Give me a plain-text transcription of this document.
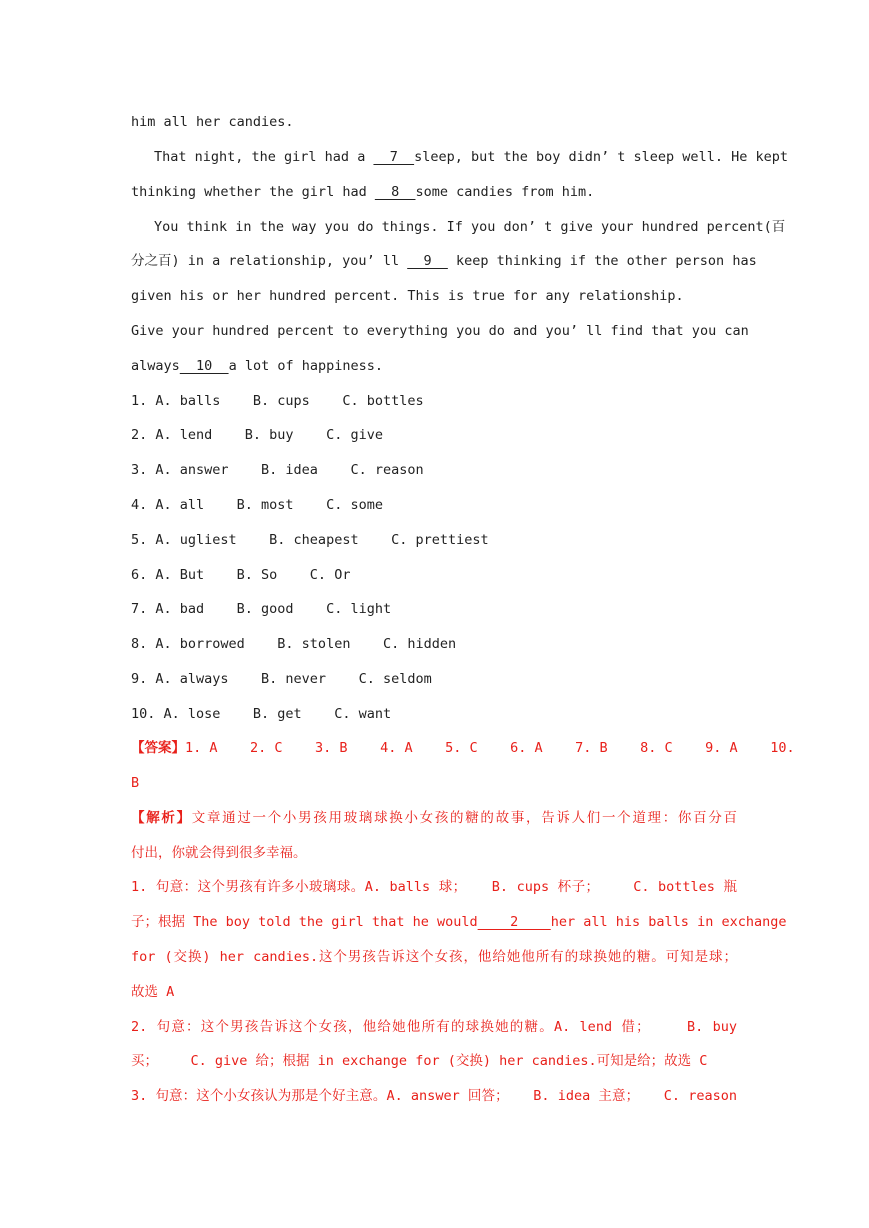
him all her candies.
That night, the girl had a   7  sleep, but the boy didn’ t sleep well. He kept
thinking whether the girl had   8  some candies from him.
You think in the way you do things. If you don’ t give your hundred percent(百
分之百) in a relationship, you’ ll   9   keep thinking if the other person has
given his or her hundred percent. This is true for any relationship.
Give your hundred percent to everything you do and you’ ll find that you can
always  10  a lot of happiness.
1. A. balls    B. cups    C. bottles
2. A. lend    B. buy    C. give
3. A. answer    B. idea    C. reason
4. A. all    B. most    C. some
5. A. ugliest    B. cheapest    C. prettiest
6. A. But    B. So    C. Or
7. A. bad    B. good    C. light
8. A. borrowed    B. stolen    C. hidden
9. A. always    B. never    C. seldom
10. A. lose    B. get    C. want
【答案】1. A    2. C    3. B    4. A    5. C    6. A    7. B    8. C    9. A    10.
B
【解析】文章通过一个小男孩用玻璃球换小女孩的糖的故事，告诉人们一个道理：你百分百
付出，你就会得到很多幸福。
1. 句意：这个男孩有许多小玻璃球。A. balls 球；   B. cups 杯子；    C. bottles 瓶
子；根据 The boy told the girl that he would    2    her all his balls in exchange
for (交换) her candies.这个男孩告诉这个女孩，他给她他所有的球换她的糖。可知是球；
故选 A
2. 句意：这个男孩告诉这个女孩，他给她他所有的球换她的糖。A. lend 借；    B. buy
买；    C. give 给；根据 in exchange for (交换) her candies.可知是给；故选 C
3. 句意：这个小女孩认为那是个好主意。A. answer 回答；   B. idea 主意；   C. reason
